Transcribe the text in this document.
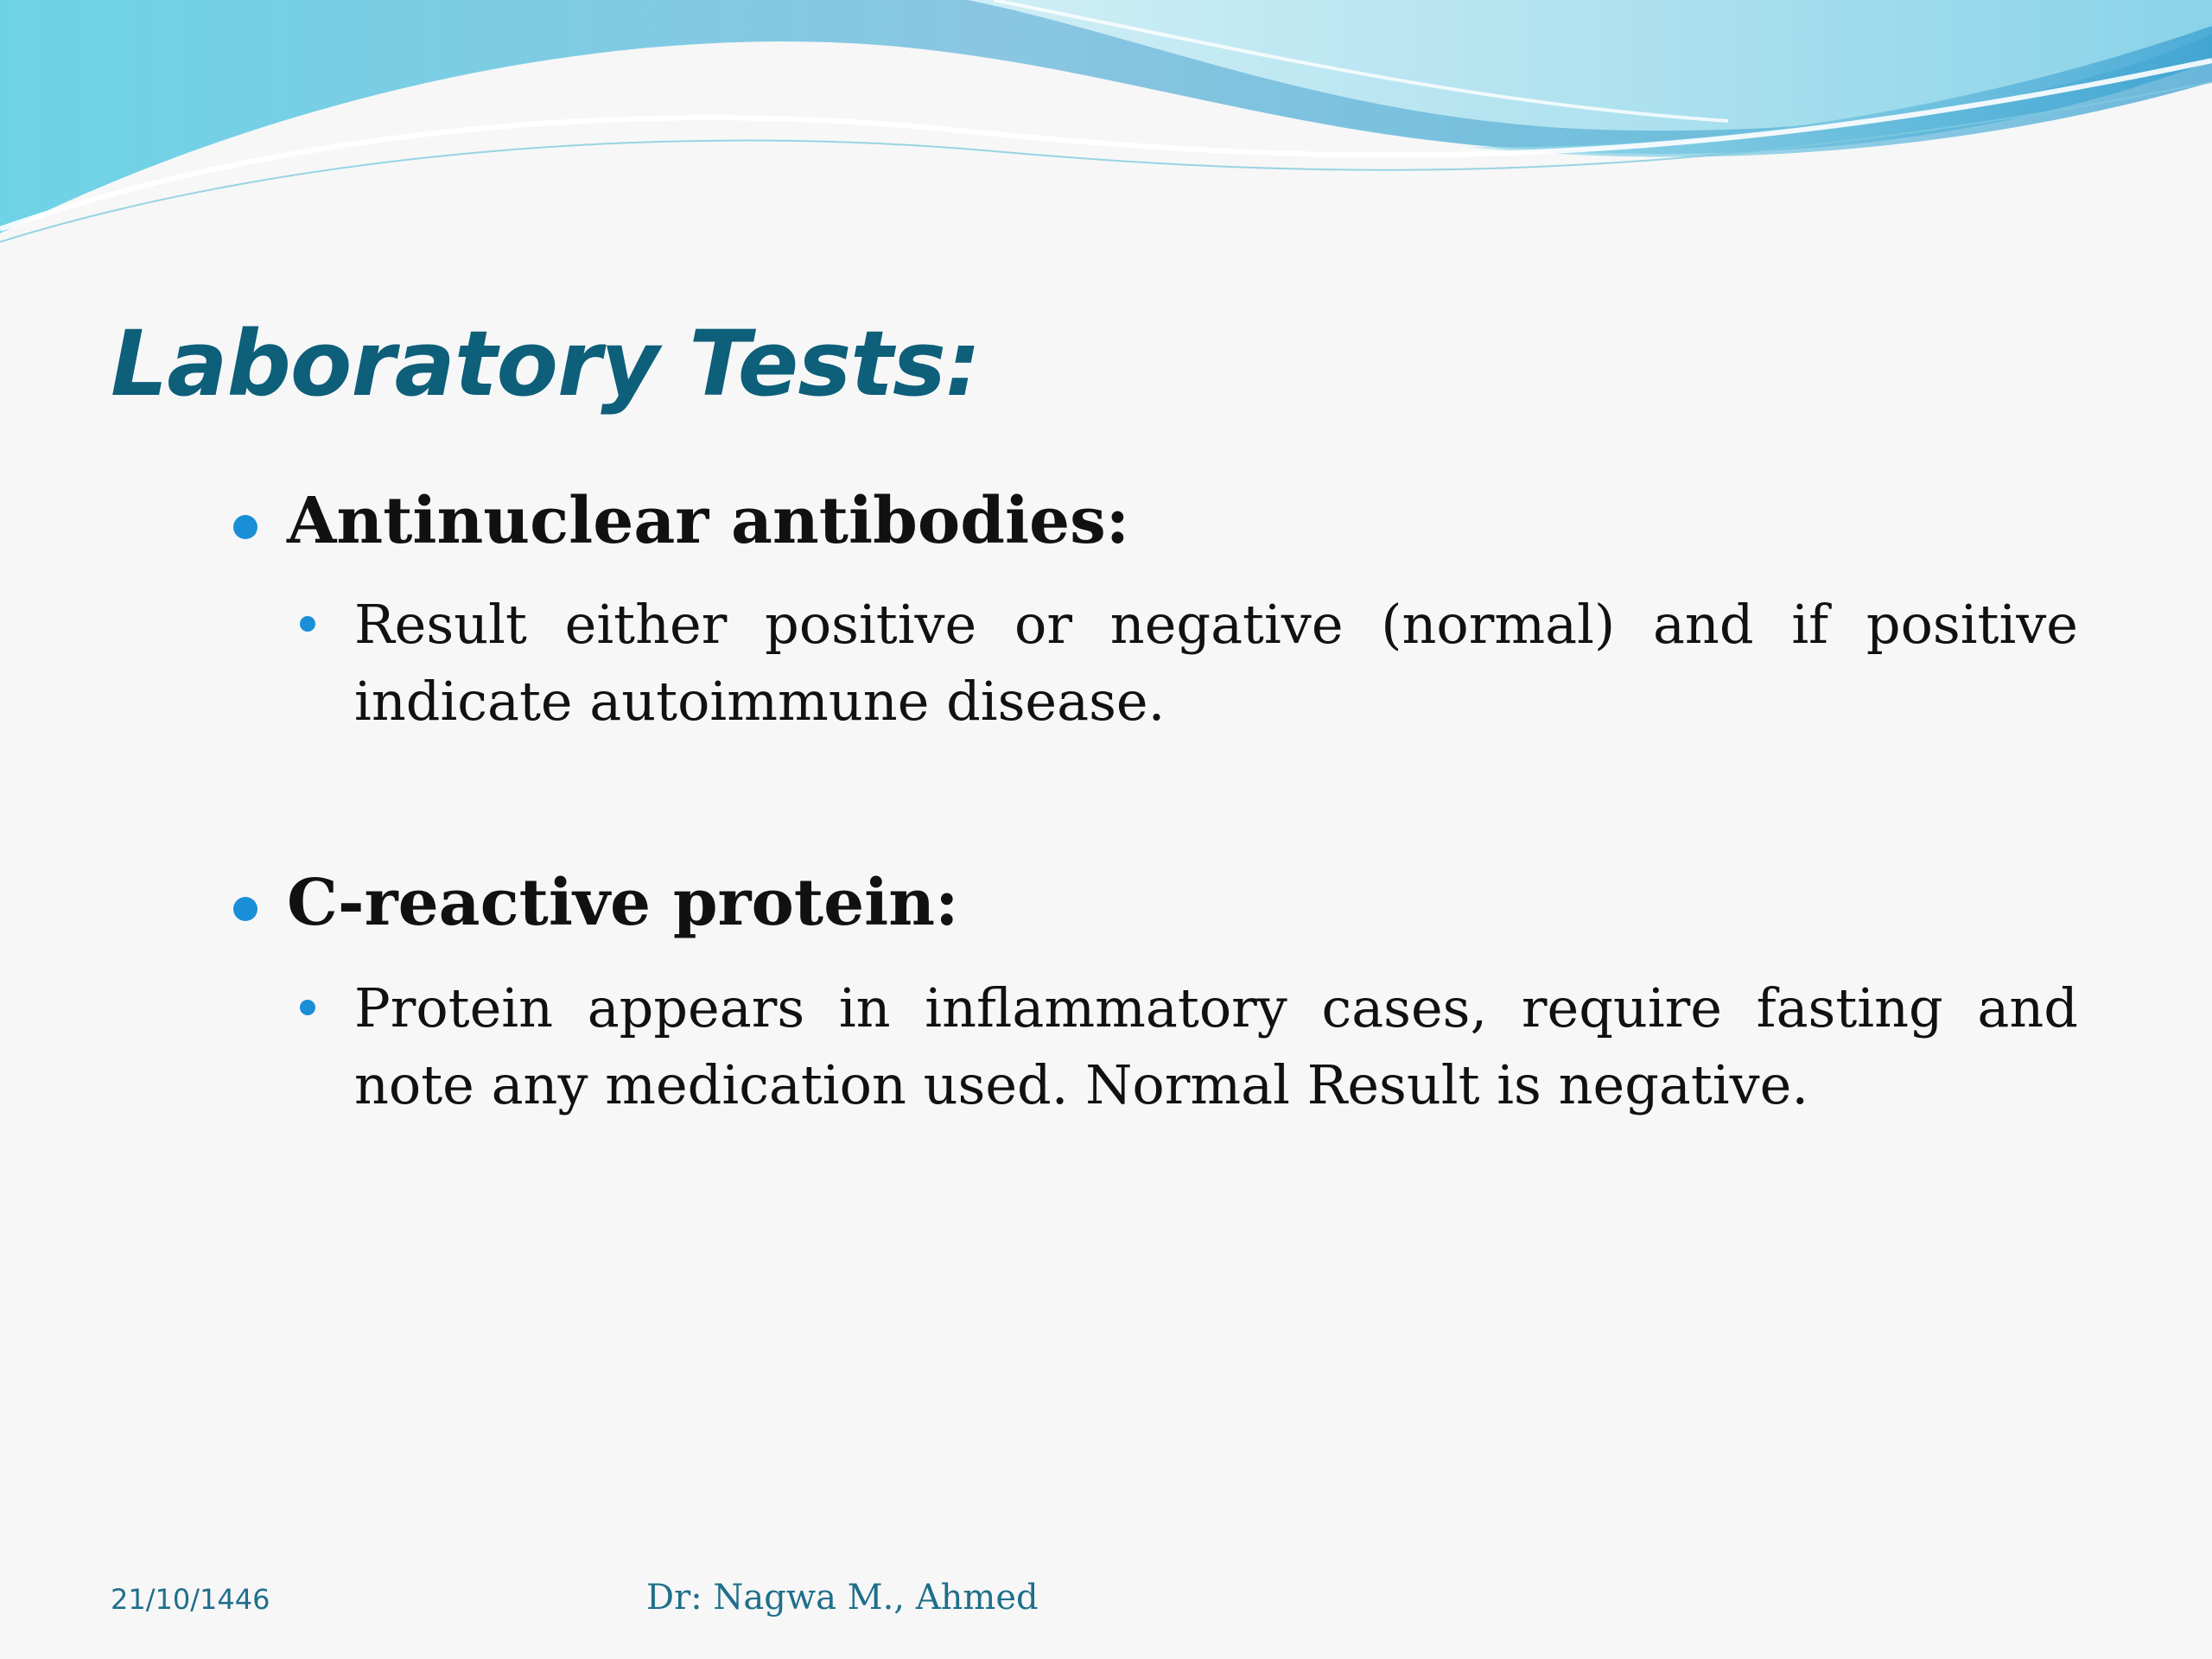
Laboratory Tests:
Antinuclear antibodies:
Result either positive or negative (normal) and if positive indicate autoimmune disease.
C-reactive protein:
Protein appears in inflammatory cases, require fasting and note any medication used. Normal Result is negative.
21/10/1446	Dr: Nagwa M., Ahmed
